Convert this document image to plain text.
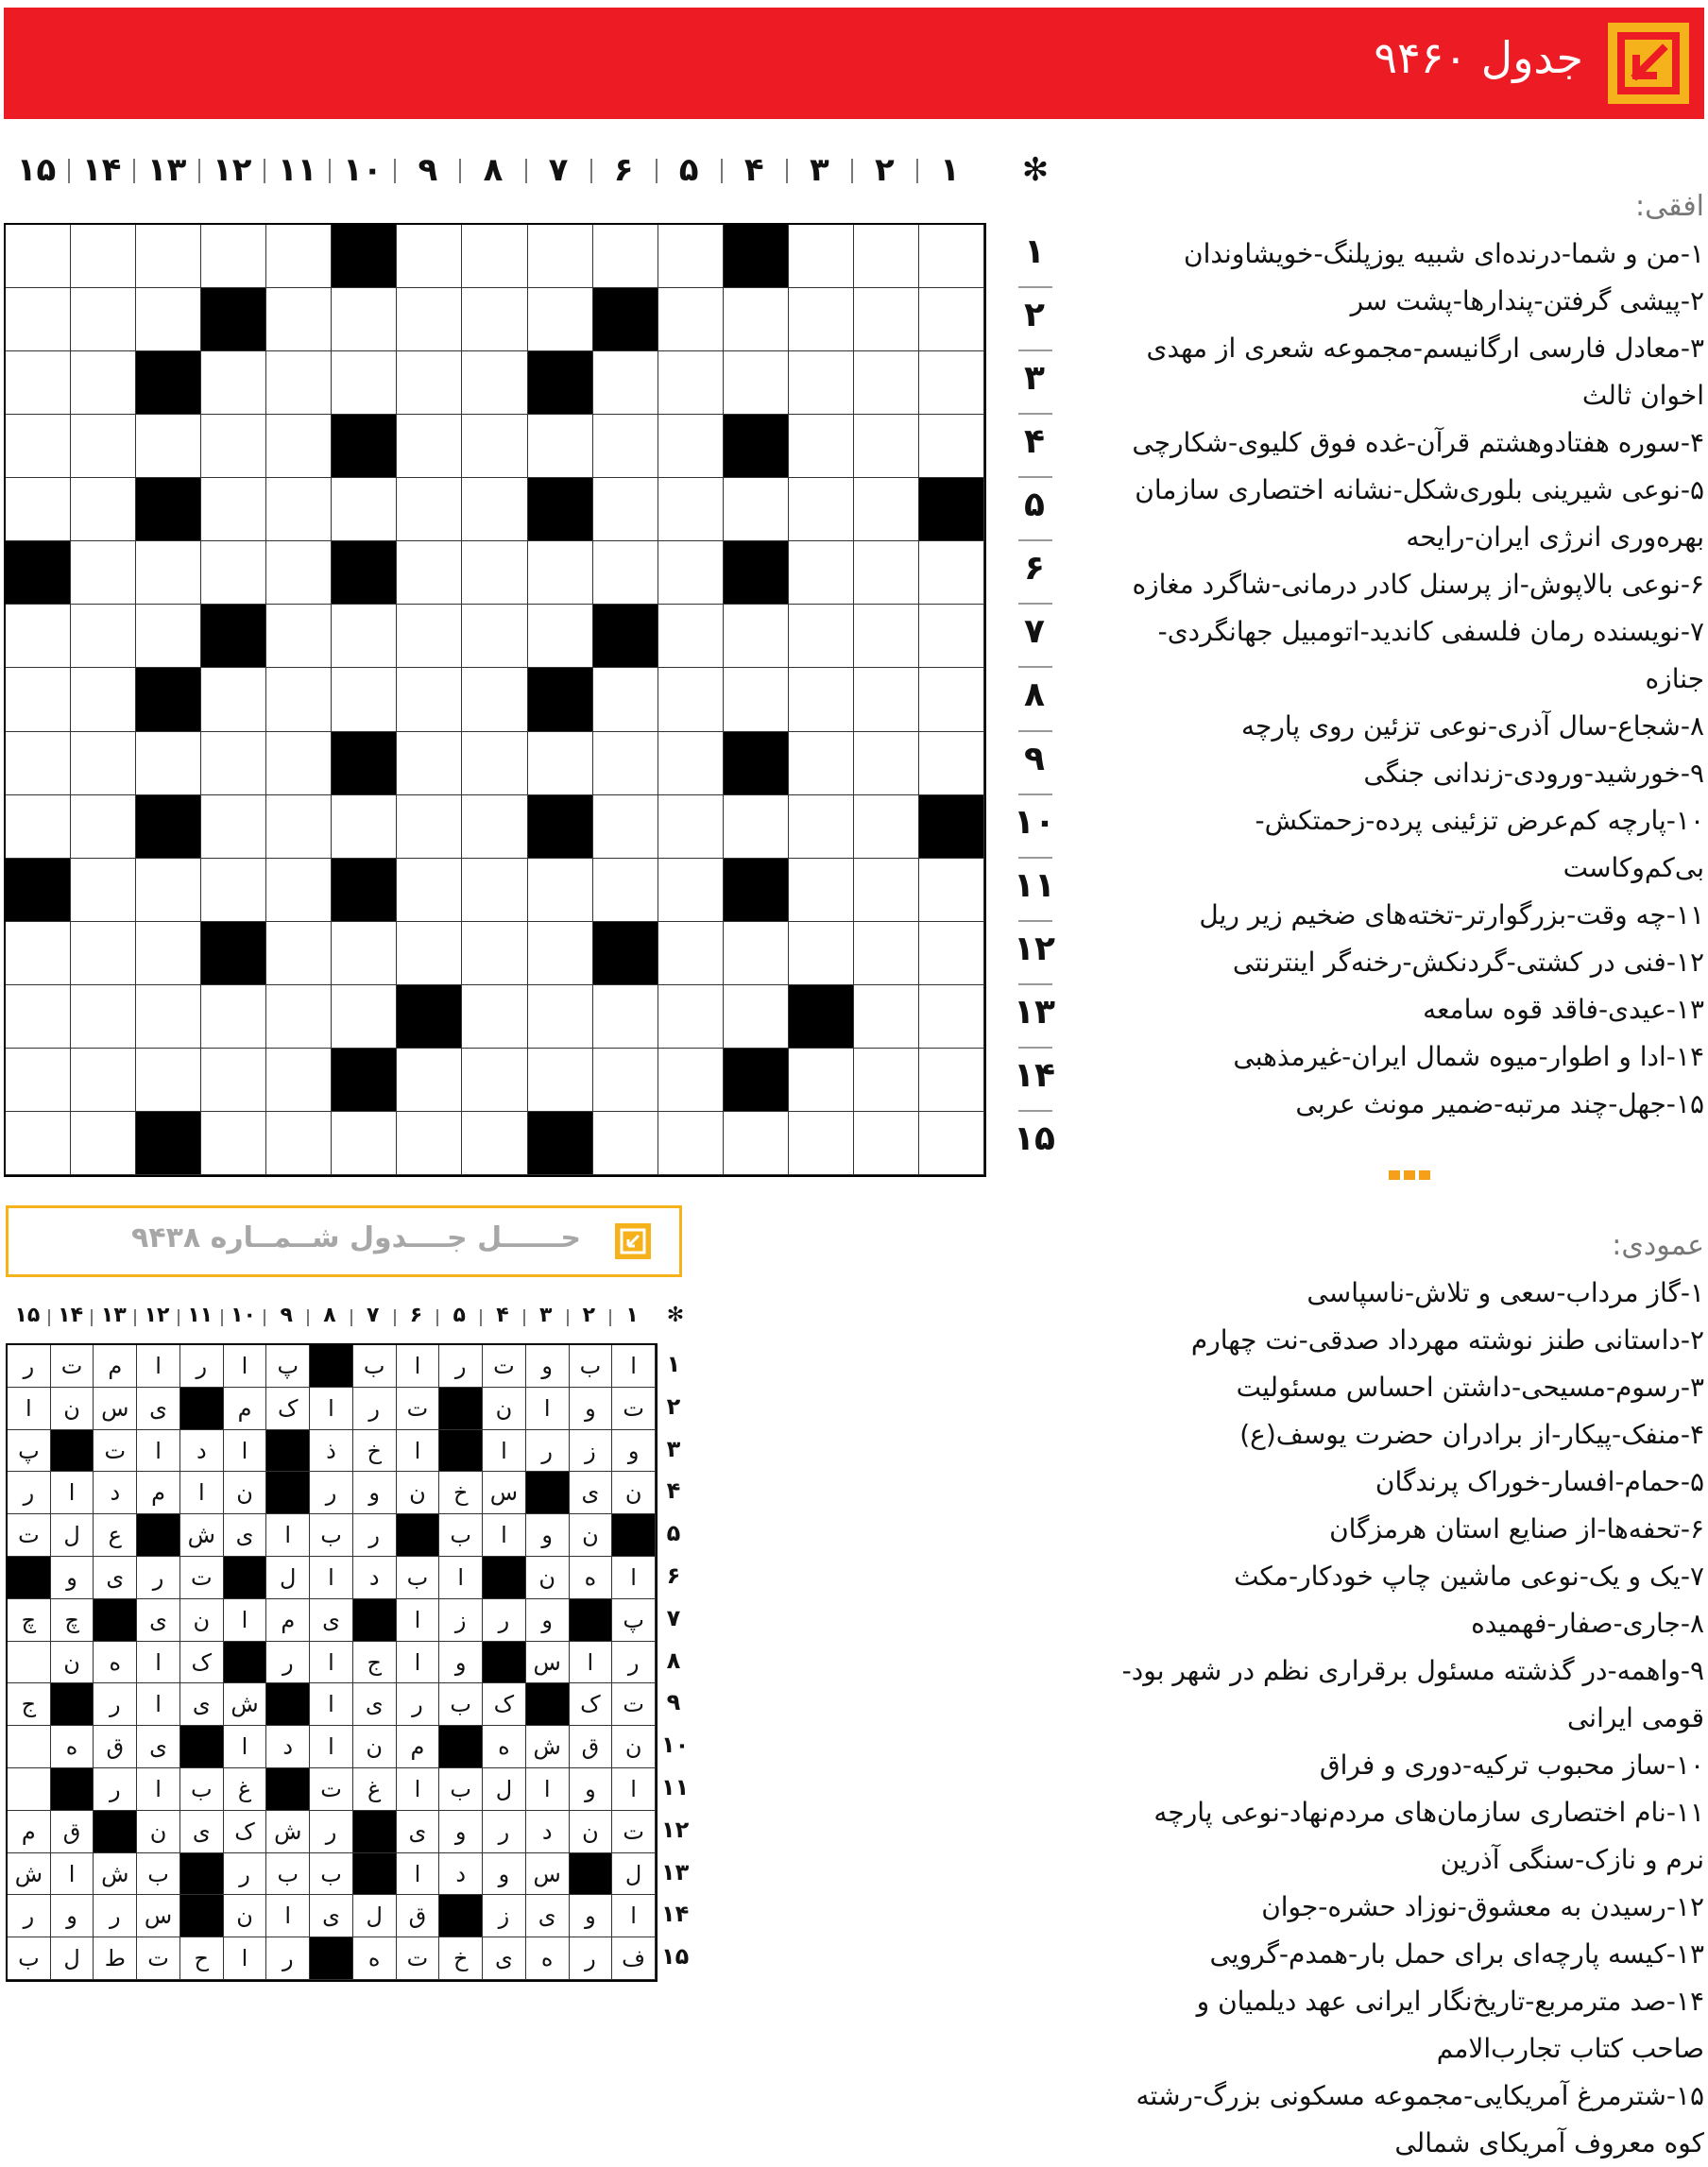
جدول ۹۴۶۰
۱
۲
۳
۴
۵
۶
۷
۸
۹
۱۰
۱۱
۱۲
۱۳
۱۴
۱۵	✻
۱
۲
۳
۴
۵
۶
۷
۸
۹
۱۰
۱۱
۱۲
۱۳
۱۴
۱۵
افقی:
۱-من و شما-درنده‌ای شبیه یوزپلنگ-خویشاوندان
۲-پیشی گرفتن-پندارها-پشت سر
۳-معادل فارسی ارگانیسم-مجموعه شعری از مهدی اخوان ثالث
۴-سوره هفتادوهشتم قرآن-غده فوق کلیوی-شکارچی
۵-نوعی شیرینی بلوری‌شکل-نشانه اختصاری سازمان بهره‌وری انرژی ایران-رایحه
۶-نوعی بالاپوش-از پرسنل کادر درمانی-شاگرد مغازه
۷-نویسنده رمان فلسفی کاندید-اتومبیل جهانگردی-جنازه
۸-شجاع-سال آذری-نوعی تزئین روی پارچه
۹-خورشید-ورودی-زندانی جنگی
۱۰-پارچه کم‌عرض تزئینی پرده-زحمتکش-بی‌کم‌و‌کاست
۱۱-چه وقت-بزرگوارتر-تخته‌های ضخیم زیر ریل
۱۲-فنی در کشتی-گردنکش-رخنه‌گر اینترنتی
۱۳-عیدی-فاقد قوه سامعه
۱۴-ادا و اطوار-میوه شمال ایران-غیرمذهبی
۱۵-جهل-چند مرتبه-ضمیر مونث عربی
عمودی:
۱-گاز مرداب-سعی و تلاش-ناسپاسی
۲-داستانی طنز نوشته مهرداد صدقی-نت چهارم
۳-رسوم-مسیحی-داشتن احساس مسئولیت
۴-منفک-پیکار-از برادران حضرت یوسف(ع)
۵-حمام-افسار-خوراک پرندگان
۶-تحفه‌ها-از صنایع استان هرمزگان
۷-یک و یک-نوعی ماشین چاپ خودکار-مکث
۸-جاری-صفار-فهمیده
۹-واهمه-در گذشته مسئول برقراری نظم در شهر بود-قومی ایرانی
۱۰-ساز محبوب ترکیه-دوری و فراق
۱۱-نام اختصاری سازمان‌های مردم‌نهاد-نوعی پارچه نرم و نازک-سنگی آذرین
۱۲-رسیدن به معشوق-نوزاد حشره-جوان
۱۳-کیسه پارچه‌ای برای حمل بار-همدم-گرویی
۱۴-صد مترمربع-تاریخ‌نگار ایرانی عهد دیلمیان و صاحب کتاب تجارب‌الامم
۱۵-شترمرغ آمریکایی-مجموعه مسکونی بزرگ-رشته کوه معروف آمریکای شمالی
حــــــل جــــدول شــمــاره ۹۴۳۸
۱
۲
۳
۴
۵
۶
۷
۸
۹
۱۰
۱۱
۱۲
۱۳
۱۴
۱۵	✻
ا
ب
و
ت
ر
ا
ب
پ
ا
ر
ا
م
ت
ر
ت
و
ا
ن
ت
ر
ا
ک
م
ی
س
ن
ا
و
ز
ر
ا
ا
خ
ذ
ا
د
ا
ت
پ
ن
ی
س
خ
ن
و
ر
ن
ا
م
د
ا
ر
ن
و
ا
ب
ر
ب
ا
ی
ش
ع
ل
ت
ا
ه
ن
ا
ب
د
ا
ل
ت
ر
ی
و
پ
و
ر
ز
ا
ی
م
ا
ن
ی
چ
چ
ر
ا
س
و
ا
ج
ا
ر
ک
ا
ه
ن
ت
ک
ک
ب
ر
ی
ا
ش
ی
ا
ر
ج
ن
ق
ش
ه
م
ن
ا
د
ا
ی
ق
ه
ا
و
ا
ل
ب
ا
غ
ت
غ
ب
ا
ر
ت
ن
د
ر
و
ی
ر
ش
ک
ی
ن
ق
م
ل
س
و
د
ا
ب
ب
ر
ب
ش
ا
ش
ا
و
ی
ز
ق
ل
ی
ا
ن
س
ر
و
ر
ف
ر
ه
ی
خ
ت
ه
ر
ا
ح
ت
ط
ل
ب
۱
۲
۳
۴
۵
۶
۷
۸
۹
۱۰
۱۱
۱۲
۱۳
۱۴
۱۵
